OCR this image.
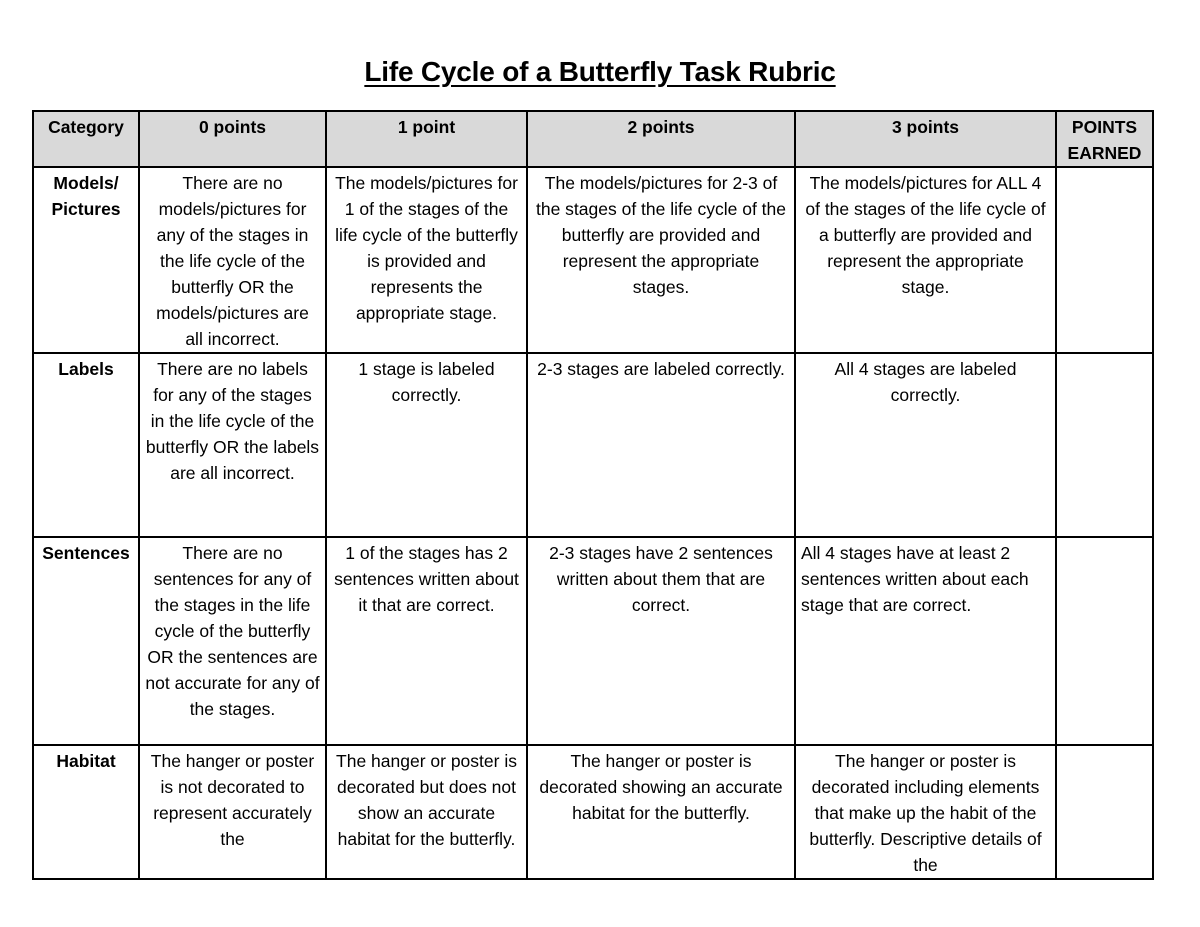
Life Cycle of a Butterfly Task Rubric
Category	0 points	1 point	2 points	3 points	POINTS EARNED
Models/ Pictures	There are no models/pictures for any of the stages in the life cycle of the butterfly OR the models/pictures are all incorrect.	The models/pictures for 1 of the stages of the life cycle of the butterfly is provided and represents the appropriate stage.	The models/pictures for 2-3 of the stages of the life cycle of the butterfly are provided and represent the appropriate stages.	The models/pictures for ALL 4 of the stages of the life cycle of a butterfly are provided and represent the appropriate stage.	
Labels	There are no labels for any of the stages in the life cycle of the butterfly OR the labels are all incorrect.	1 stage is labeled correctly.	2-3 stages are labeled correctly.	All 4 stages are labeled correctly.	
Sentences	There are no sentences for any of the stages in the life cycle of the butterfly OR the sentences are not accurate for any of the stages.	1 of the stages has 2 sentences written about it that are correct.	2-3 stages have 2 sentences written about them that are correct.	All 4 stages have at least 2 sentences written about each stage that are correct.	
Habitat	The hanger or poster is not decorated to represent accurately the	The hanger or poster is decorated but does not show an accurate habitat for the butterfly.	The hanger or poster is decorated showing an accurate habitat for the butterfly.	The hanger or poster is decorated including elements that make up the habit of the butterfly. Descriptive details of the	
